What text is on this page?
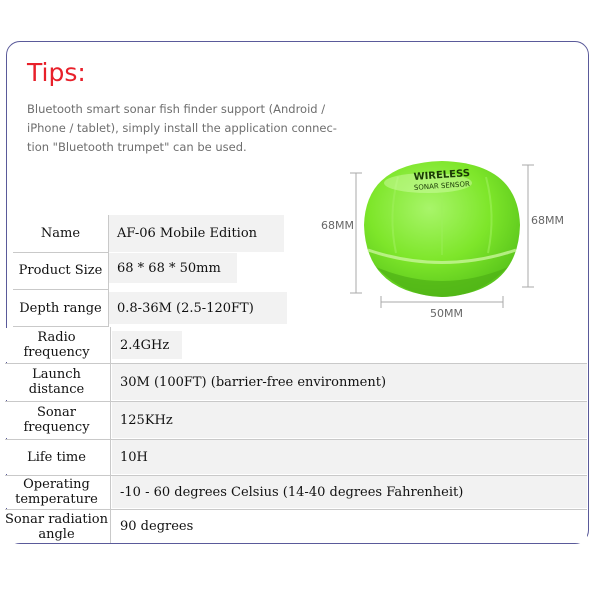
Tips:
Bluetooth smart sonar fish finder support (Android /
iPhone / tablet), simply install the application connec-
tion "Bluetooth trumpet" can be used.
WIRELESS
SONAR SENSOR
68MM	68MM
50MM
Name	AF-06 Mobile Edition
Product Size	68 * 68 * 50mm
Depth range	0.8-36M (2.5-120FT)
Radio frequency	2.4GHz
Launch distance	30M (100FT) (barrier-free environment)
Sonar frequency	125KHz
Life time	10H
Operating temperature	-10 - 60 degrees Celsius (14-40 degrees Fahrenheit)
Sonar radiation angle	90 degrees
